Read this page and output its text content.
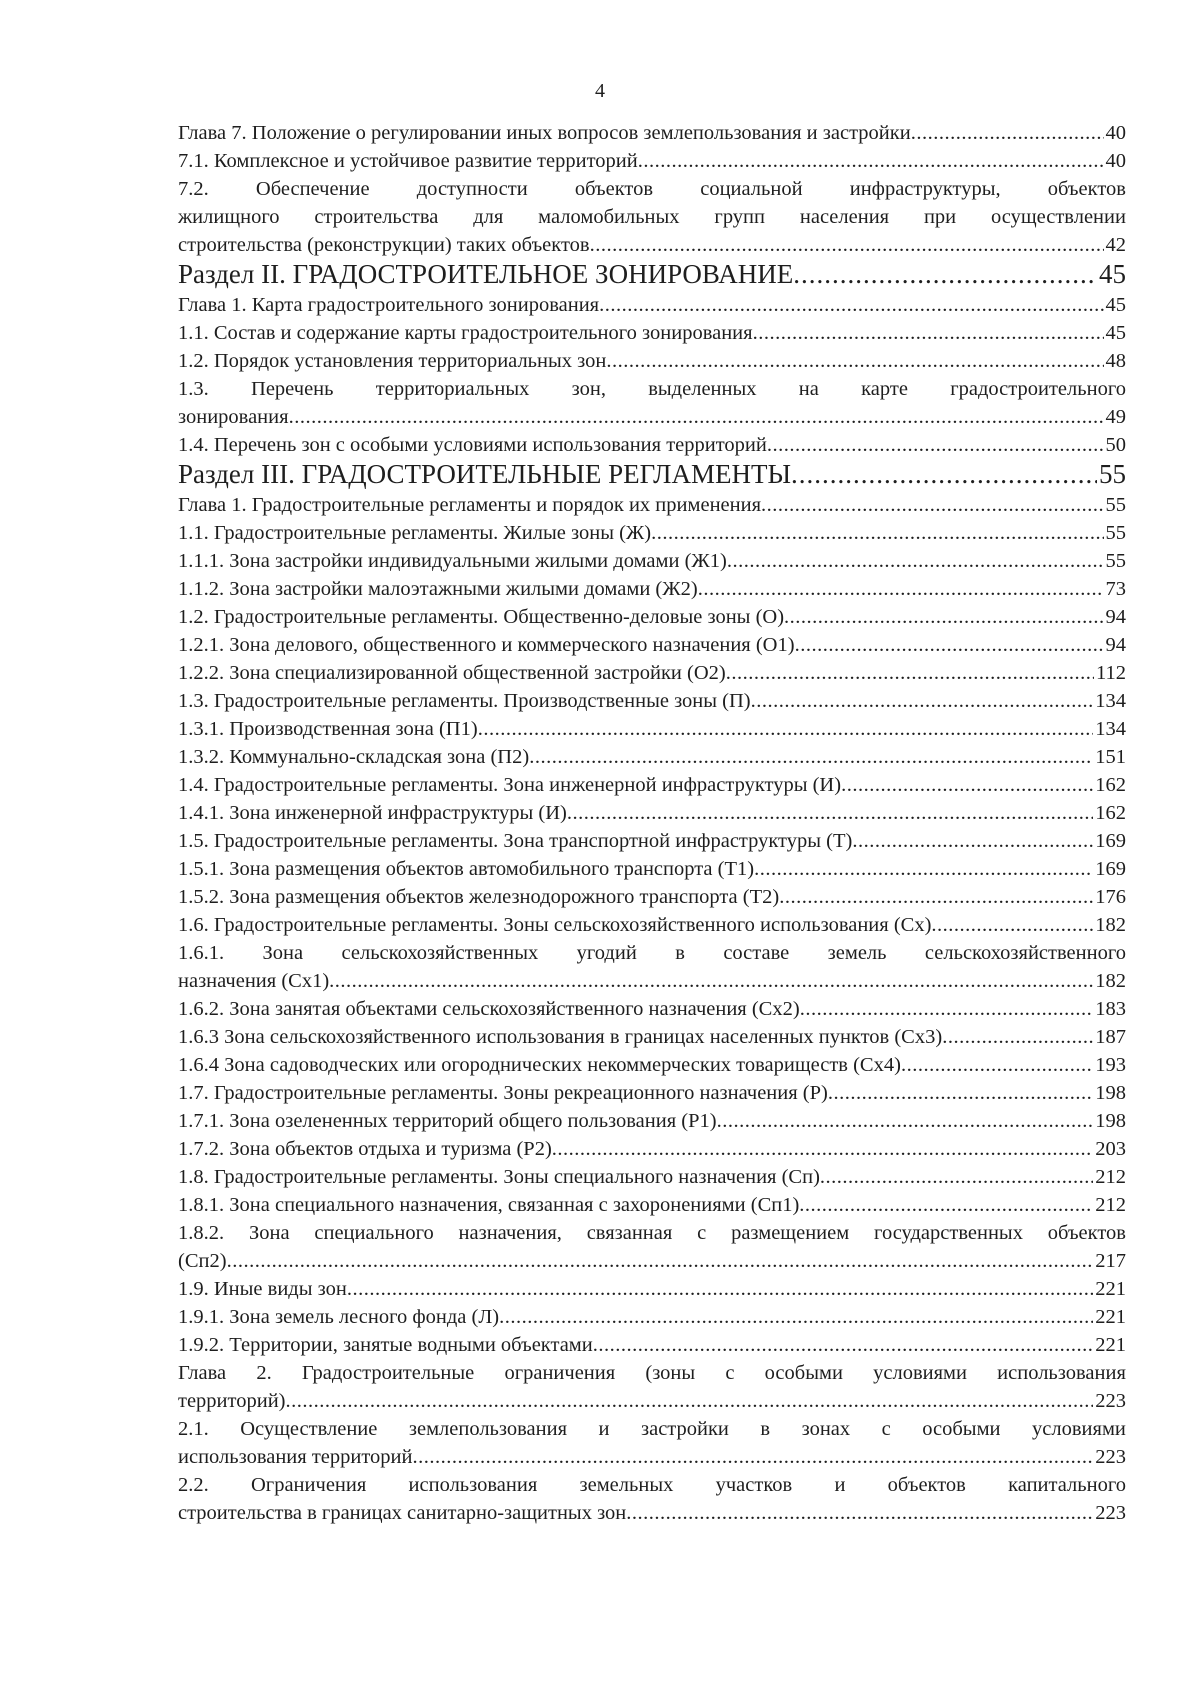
4
Глава 7. Положение о регулировании иных вопросов землепользования и застройки .....	40
7.1. Комплексное и устойчивое развитие территорий .....	40
7.2. Обеспечение доступности объектов социальной инфраструктуры, объектов
жилищного строительства для маломобильных групп населения при осуществлении
строительства (реконструкции) таких объектов .....	42
Раздел II. ГРАДОСТРОИТЕЛЬНОЕ ЗОНИРОВАНИЕ .....	45
Глава 1. Карта градостроительного зонирования .....	45
1.1. Состав и содержание карты градостроительного зонирования .....	45
1.2. Порядок установления территориальных зон .....	48
1.3. Перечень территориальных зон, выделенных на карте градостроительного
зонирования .....	49
1.4. Перечень зон с особыми условиями использования территорий .....	50
Раздел III. ГРАДОСТРОИТЕЛЬНЫЕ РЕГЛАМЕНТЫ .....	55
Глава 1. Градостроительные регламенты и порядок их применения .....	55
1.1. Градостроительные регламенты. Жилые зоны (Ж) .....	55
1.1.1. Зона застройки индивидуальными жилыми домами (Ж1) .....	55
1.1.2. Зона застройки малоэтажными жилыми домами (Ж2) .....	73
1.2. Градостроительные регламенты. Общественно-деловые зоны (О) .....	94
1.2.1. Зона делового, общественного и коммерческого назначения (О1) .....	94
1.2.2. Зона специализированной общественной застройки (О2) .....	112
1.3. Градостроительные регламенты. Производственные зоны (П) .....	134
1.3.1. Производственная зона (П1) .....	134
1.3.2. Коммунально-складская зона (П2) .....	151
1.4. Градостроительные регламенты. Зона инженерной инфраструктуры (И) .....	162
1.4.1. Зона инженерной инфраструктуры (И) .....	162
1.5. Градостроительные регламенты. Зона транспортной инфраструктуры (Т) .....	169
1.5.1. Зона размещения объектов автомобильного транспорта (Т1) .....	169
1.5.2. Зона размещения объектов железнодорожного транспорта (Т2) .....	176
1.6. Градостроительные регламенты. Зоны сельскохозяйственного использования (Сх) .....	182
1.6.1. Зона сельскохозяйственных угодий в составе земель сельскохозяйственного
назначения (Сх1) .....	182
1.6.2. Зона занятая объектами сельскохозяйственного назначения (Сх2) .....	183
1.6.3 Зона сельскохозяйственного использования в границах населенных пунктов (Сх3) .....	187
1.6.4 Зона садоводческих или огороднических некоммерческих товариществ (Сх4) .....	193
1.7. Градостроительные регламенты. Зоны рекреационного назначения (Р) .....	198
1.7.1. Зона озелененных территорий общего пользования (Р1) .....	198
1.7.2. Зона объектов отдыха и туризма (Р2) .....	203
1.8. Градостроительные регламенты. Зоны специального назначения (Сп) .....	212
1.8.1. Зона специального назначения, связанная с захоронениями (Сп1) .....	212
1.8.2. Зона специального назначения, связанная с размещением государственных объектов
(Сп2) .....	217
1.9. Иные виды зон .....	221
1.9.1. Зона земель лесного фонда (Л) .....	221
1.9.2. Территории, занятые водными объектами .....	221
Глава 2. Градостроительные ограничения (зоны с особыми условиями использования
территорий) .....	223
2.1. Осуществление землепользования и застройки в зонах с особыми условиями
использования территорий .....	223
2.2. Ограничения использования земельных участков и объектов капитального
строительства в границах санитарно-защитных зон .....	223
